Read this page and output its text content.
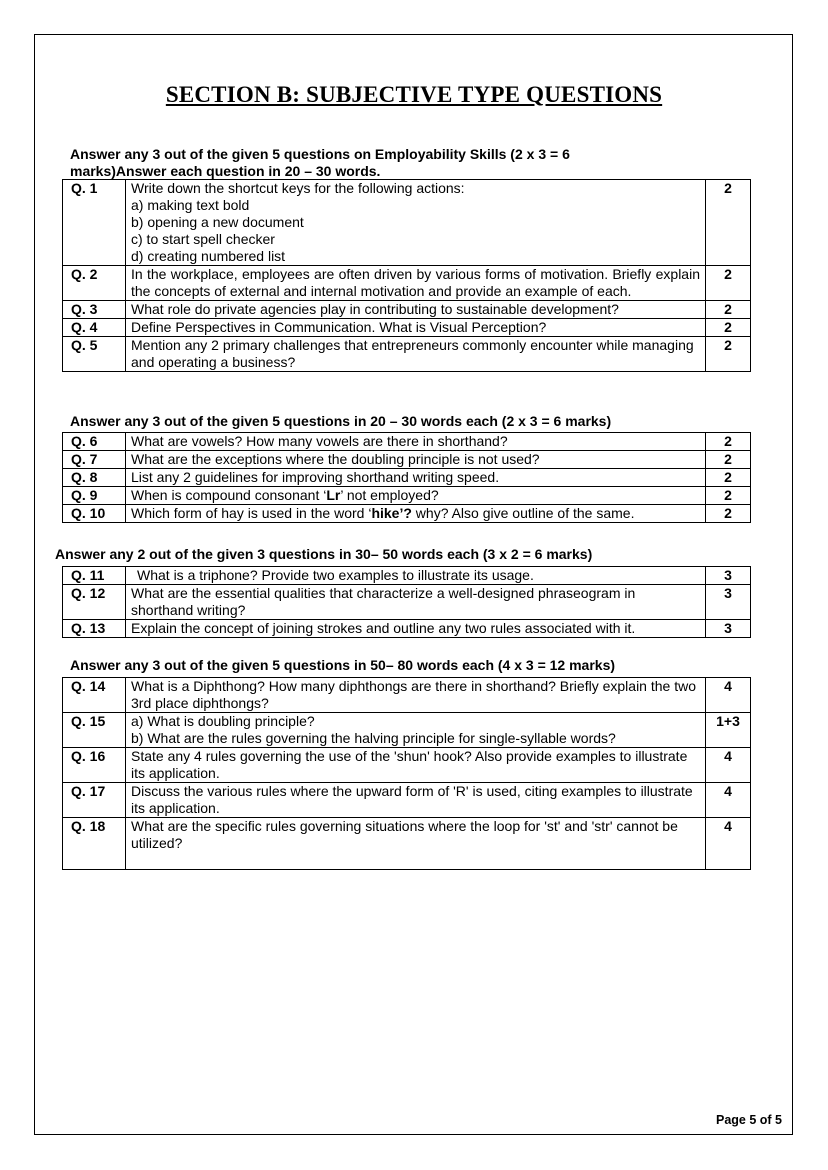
SECTION B: SUBJECTIVE TYPE QUESTIONS
Answer any 3 out of the given 5 questions on Employability Skills (2 x 3 = 6 marks)Answer each question in 20 – 30 words.
Q. 1	Write down the shortcut keys for the following actions:
a) making text bold
b) opening a new document
c) to start spell checker
d) creating numbered list	2
Q. 2	In the workplace, employees are often driven by various forms of motivation. Briefly explain the concepts of external and internal motivation and provide an example of each.	2
Q. 3	What role do private agencies play in contributing to sustainable development?	2
Q. 4	Define Perspectives in Communication. What is Visual Perception?	2
Q. 5	Mention any 2 primary challenges that entrepreneurs commonly encounter while managing and operating a business?	2
Answer any 3 out of the given 5 questions in 20 – 30 words each (2 x 3 = 6 marks)
Q. 6	What are vowels? How many vowels are there in shorthand?	2
Q. 7	What are the exceptions where the doubling principle is not used?	2
Q. 8	List any 2 guidelines for improving shorthand writing speed.	2
Q. 9	When is compound consonant ‘Lr’ not employed?	2
Q. 10	Which form of hay is used in the word ‘hike’? why? Also give outline of the same.	2
Answer any 2 out of the given 3 questions in 30– 50 words each (3 x 2 = 6 marks)
Q. 11	What is a triphone? Provide two examples to illustrate its usage.	3
Q. 12	What are the essential qualities that characterize a well-designed phraseogram in shorthand writing?	3
Q. 13	Explain the concept of joining strokes and outline any two rules associated with it.	3
Answer any 3 out of the given 5 questions in 50– 80 words each (4 x 3 = 12 marks)
Q. 14	What is a Diphthong? How many diphthongs are there in shorthand? Briefly explain the two 3rd place diphthongs?	4
Q. 15	a) What is doubling principle?
b) What are the rules governing the halving principle for single-syllable words?	1+3
Q. 16	State any 4 rules governing the use of the 'shun' hook? Also provide examples to illustrate its application.	4
Q. 17	Discuss the various rules where the upward form of 'R' is used, citing examples to illustrate its application.	4
Q. 18	What are the specific rules governing situations where the loop for 'st' and 'str' cannot be utilized?	4
Page 5 of 5
